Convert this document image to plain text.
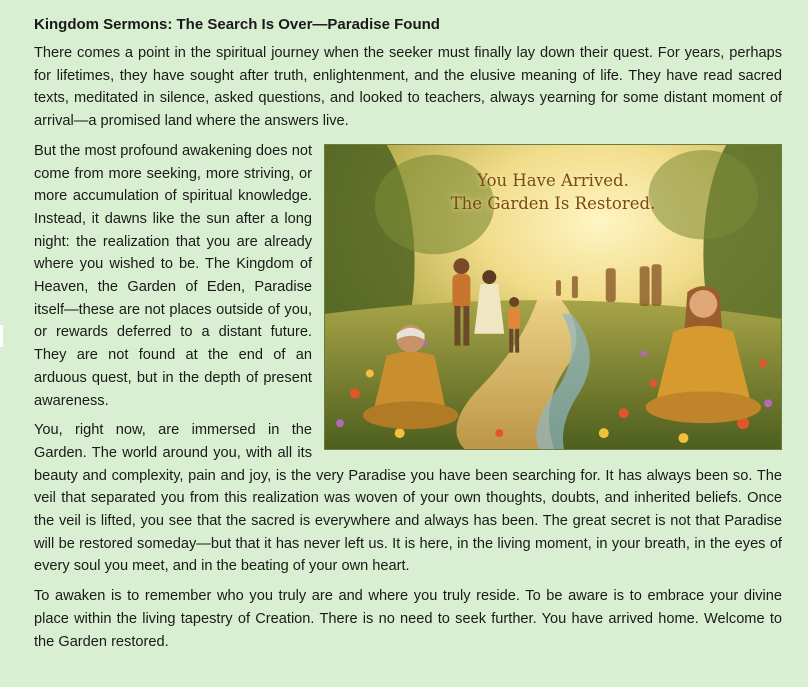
Kingdom Sermons: The Search Is Over—Paradise Found

There comes a point in the spiritual journey when the seeker must finally lay down their quest. For years, perhaps for lifetimes, they have sought after truth, enlightenment, and the elusive meaning of life. They have read sacred texts, meditated in silence, asked questions, and looked to teachers, always yearning for some distant moment of arrival—a promised land where the answers live.

You Have Arrived.
The Garden Is Restored.

But the most profound awakening does not come from more seeking, more striving, or more accumulation of spiritual knowledge. Instead, it dawns like the sun after a long night: the realization that you are already where you wished to be. The Kingdom of Heaven, the Garden of Eden, Paradise itself—these are not places outside of you, or rewards deferred to a distant future. They are not found at the end of an arduous quest, but in the depth of present awareness.

You, right now, are immersed in the Garden. The world around you, with all its beauty and complexity, pain and joy, is the very Paradise you have been searching for. It has always been so. The veil that separated you from this realization was woven of your own thoughts, doubts, and inherited beliefs. Once the veil is lifted, you see that the sacred is everywhere and always has been. The great secret is not that Paradise will be restored someday—but that it has never left us. It is here, in the living moment, in your breath, in the eyes of every soul you meet, and in the beating of your own heart.

To awaken is to remember who you truly are and where you truly reside. To be aware is to embrace your divine place within the living tapestry of Creation. There is no need to seek further. You have arrived home. Welcome to the Garden restored.
